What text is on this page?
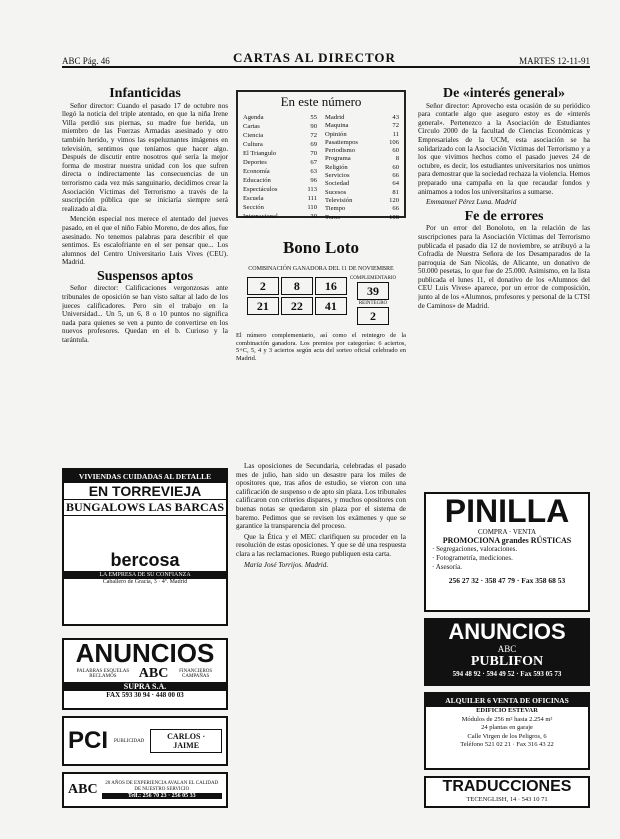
ABC Pág. 46	CARTAS AL DIRECTOR	MARTES 12-11-91
Infanticidas

Señor director: Cuando el pasado 17 de octubre nos llegó la noticia del triple atentado, en que la niña Irene Villa perdió sus piernas, su madre fue herida, un miembro de las Fuerzas Armadas asesinado y otro también herido, y vimos las espeluznantes imágenes en televisión, sentimos que teníamos que hacer algo. Después de discutir entre nosotros qué sería la mejor forma de mostrar nuestra unidad con los que sufren directa o indirectamente las consecuencias de un terrorismo cada vez más sanguinario, decidimos crear la Asociación Víctimas del Terrorismo a través de la suscripción pública que se iniciaría siempre será realizado al día.

Mención especial nos merece el atentado del jueves pasado, en el que el niño Fabio Moreno, de dos años, fue asesinado. No tenemos palabras para describir el que sentimos. Es escalofriante en el ser pensar que... Los alumnos del Centro Universitario Luis Vives (CEU). Madrid.

Suspensos aptos

Señor director: Calificaciones vergonzosas ante tribunales de oposición se han visto saltar al lado de los jueces calificadores. Pero sin el trabajo en la Universidad... Un 5, un 6, 8 o 10 puntos no significa nada para quienes se ven a punto de convertirse en los nuevos profesores. Quedan en el b. Curioso y la tarántula.

En este número
Agenda	55
Cartas	90
Ciencia	72
Cultura	69
El Triangulo	70
Deportes	67
Economía	63
Educación	96
Espectáculos	113
Escuela	111
Sección	110
Internacional	30
Madrid	43
Maquina	72
Opinión	11
Pasatiempos	106
Periodismo	60
Programa	8
Religión	60
Servicios	66
Sociedad	64
Sucesos	81
Televisión	120
Tiempo	66
Toros	108
Bono Loto
COMBINACIÓN GANADORA DEL 11 DE NOVIEMBRE
2 8 16
21 22 41
COMPLEMENTARIO
39
REINTEGRO
2

El número complementario, así como el reintegro de la combinación ganadora. Los premios por categorías: 6 aciertos, 5+C, 5, 4 y 3 aciertos según acta del sorteo oficial celebrado en Madrid.

Las oposiciones de Secundaria, celebradas el pasado mes de julio, han sido un desastre para los miles de opositores que, tras años de estudio, se vieron con una calificación de suspenso o de apto sin plaza. Los tribunales calificaron con criterios dispares, y muchos opositores con buenas notas se quedaron sin plaza por el sistema de baremo. Pedimos que se revisen los exámenes y que se garantice la transparencia del proceso.

Que la Ética y el MEC clarifiquen su proceder en la resolución de estas oposiciones. Y que se dé una respuesta clara a las reclamaciones. Ruego publiquen esta carta.

María José Torrijos. Madrid.

De «interés general»

Señor director: Aprovecho esta ocasión de su periódico para contarle algo que aseguro estoy es de «interés general». Pertenezco a la Asociación de Estudiantes Circulo 2000 de la facultad de Ciencias Económicas y Empresariales de la UCM, esta asociación se ha solidarizado con la Asociación Víctimas del Terrorismo y a los que vivimos hechos como el pasado jueves 24 de octubre, es decir, los estudiantes universitarios nos unimos para demostrar que la sociedad rechaza la violencia. Hemos preparado una campaña en la que recaudar fondos y animamos a todos los universitarios a sumarse.

Emmanuel Pérez Luna. Madrid

Fe de errores

Por un error del Bonoloto, en la relación de las suscripciones para la Asociación Víctimas del Terrorismo publicada el pasado día 12 de noviembre, se atribuyó a la Cofradía de Nuestra Señora de los Desamparados de la parroquia de San Nicolás, de Alicante, un donativo de 50.000 pesetas, lo que fue de 25.000. Asimismo, en la lista publicada el lunes 11, el donativo de los «Alumnos del CEU Luis Vives» aparece, por un error de composición, junto al de los «Alumnos, profesores y personal de la CTSI de Caminos» de Madrid.

VIVIENDAS CUIDADAS AL DETALLE
EN TORREVIEJA
BUNGALOWS LAS BARCAS
bercosa
LA EMPRESA DE SU CONFIANZA
Caballero de Gracia, 3 · 4º. Madrid
ANUNCIOS
PALABRAS ESQUELAS RECLAMOS	ABC	FINANCIEROS CAMPAÑAS
SUPRA S.A.
FAX 593 30 94 · 448 00 03
PCI PUBLICIDAD	CARLOS · JAIME
ABC	20 AÑOS DE EXPERIENCIA AVALAN EL CALIDAD DE NUESTRO SERVICIO
Telf.: 256 70 23 · 256 05 33
PINILLA
COMPRA · VENTA
PROMOCIONA grandes RÚSTICAS
· Segregaciones, valoraciones.
· Fotogrametría, mediciones.
· Asesoría.
256 27 32 · 358 47 79 · Fax 358 68 53
ANUNCIOS
ABC
PUBLIFON
594 48 92 · 594 49 52 · Fax 593 05 73
ALQUILER 6 VENTA DE OFICINAS
EDIFICIO ESTEVAR
Módulos de 256 m² hasta 2.254 m²
24 plantas en garaje
Calle Virgen de los Peligros, 6
Teléfono 521 02 21 · Fax 316 43 22
TRADUCCIONES
TECENGLISH, 14 · 543 10 71
